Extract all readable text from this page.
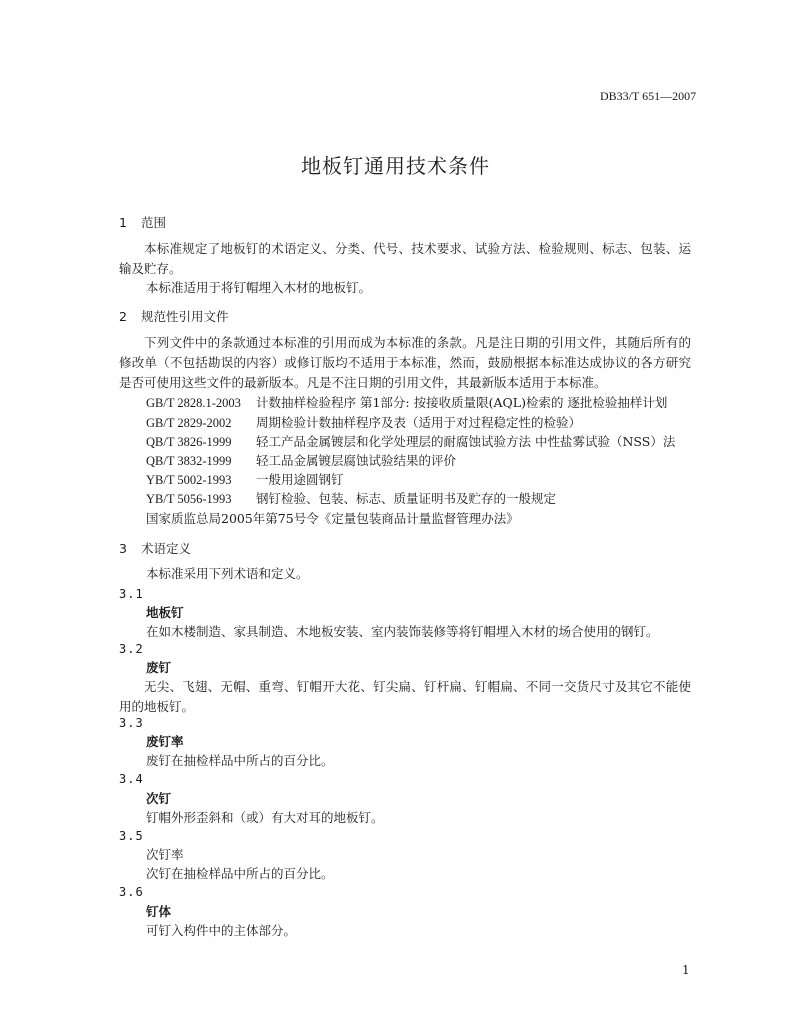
DB33/T 651—2007
地板钉通用技术条件
1 范围
本标准规定了地板钉的术语定义、分类、代号、技术要求、试验方法、检验规则、标志、包装、运输及贮存。
本标准适用于将钉帽埋入木材的地板钉。
2 规范性引用文件
下列文件中的条款通过本标准的引用而成为本标准的条款。凡是注日期的引用文件，其随后所有的修改单（不包括勘误的内容）或修订版均不适用于本标准，然而，鼓励根据本标准达成协议的各方研究是否可使用这些文件的最新版本。凡是不注日期的引用文件，其最新版本适用于本标准。
GB/T 2828.1-2003 计数抽样检验程序 第1部分: 按接收质量限(AQL)检索的 逐批检验抽样计划
GB/T 2829-2002 周期检验计数抽样程序及表（适用于对过程稳定性的检验）
QB/T 3826-1999 轻工产品金属镀层和化学处理层的耐腐蚀试验方法 中性盐雾试验（NSS）法
QB/T 3832-1999 轻工品金属镀层腐蚀试验结果的评价
YB/T 5002-1993 一般用途圆钢钉
YB/T 5056-1993 钢钉检验、包装、标志、质量证明书及贮存的一般规定
国家质监总局2005年第75号令《定量包装商品计量监督管理办法》
3 术语定义
本标准采用下列术语和定义。
3.1
地板钉
在如木楼制造、家具制造、木地板安装、室内装饰装修等将钉帽埋入木材的场合使用的钢钉。
3.2
废钉
无尖、飞翅、无帽、重弯、钉帽开大花、钉尖扁、钉杆扁、钉帽扁、不同一交货尺寸及其它不能使用的地板钉。
3.3
废钉率
废钉在抽检样品中所占的百分比。
3.4
次钉
钉帽外形歪斜和（或）有大对耳的地板钉。
3.5
次钉率
次钉在抽检样品中所占的百分比。
3.6
钉体
可钉入构件中的主体部分。
1
